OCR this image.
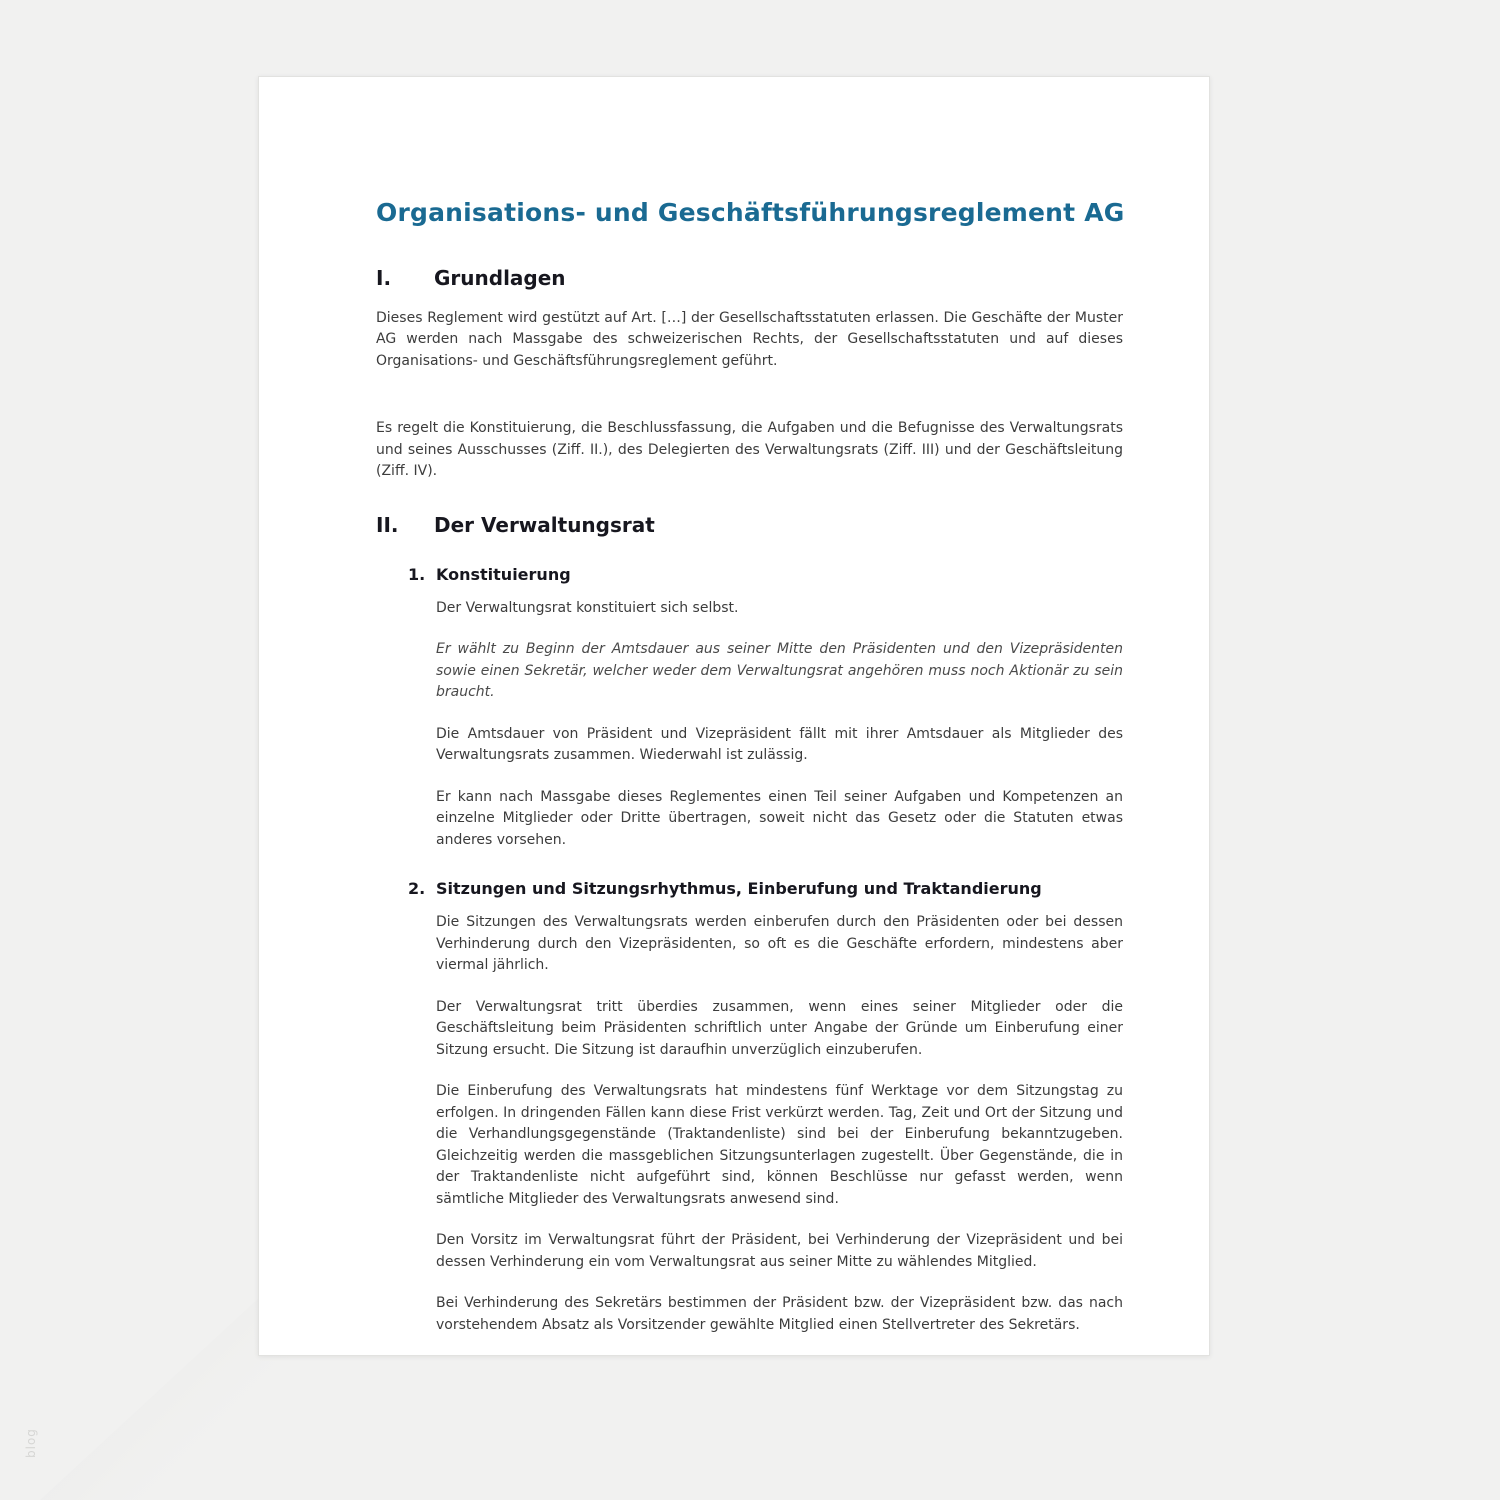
blog
Organisations- und Geschäftsführungsreglement AG
I.	Grundlagen

Dieses Reglement wird gestützt auf Art. […] der Gesellschaftsstatuten erlassen. Die Geschäfte der Muster AG werden nach Massgabe des schweizerischen Rechts, der Gesellschaftsstatuten und auf dieses Organisations- und Geschäftsführungsreglement geführt.

Es regelt die Konstituierung, die Beschlussfassung, die Aufgaben und die Befugnisse des Verwaltungsrats und seines Ausschusses (Ziff. II.), des Delegierten des Verwaltungsrats (Ziff. III) und der Geschäftsleitung (Ziff. IV).

II.	Der Verwaltungsrat
1. Konstituierung

Der Verwaltungsrat konstituiert sich selbst.

Er wählt zu Beginn der Amtsdauer aus seiner Mitte den Präsidenten und den Vizepräsidenten sowie einen Sekretär, welcher weder dem Verwaltungsrat angehören muss noch Aktionär zu sein braucht.

Die Amtsdauer von Präsident und Vizepräsident fällt mit ihrer Amtsdauer als Mitglieder des Verwaltungsrats zusammen. Wiederwahl ist zulässig.

Er kann nach Massgabe dieses Reglementes einen Teil seiner Aufgaben und Kompetenzen an einzelne Mitglieder oder Dritte übertragen, soweit nicht das Gesetz oder die Statuten etwas anderes vorsehen.

2. Sitzungen und Sitzungsrhythmus, Einberufung und Traktandierung

Die Sitzungen des Verwaltungsrats werden einberufen durch den Präsidenten oder bei dessen Verhinderung durch den Vizepräsidenten, so oft es die Geschäfte erfordern, mindestens aber viermal jährlich.

Der Verwaltungsrat tritt überdies zusammen, wenn eines seiner Mitglieder oder die Geschäftsleitung beim Präsidenten schriftlich unter Angabe der Gründe um Einberufung einer Sitzung ersucht. Die Sitzung ist daraufhin unverzüglich einzuberufen.

Die Einberufung des Verwaltungsrats hat mindestens fünf Werktage vor dem Sitzungstag zu erfolgen. In dringenden Fällen kann diese Frist verkürzt werden. Tag, Zeit und Ort der Sitzung und die Verhandlungsgegenstände (Traktandenliste) sind bei der Einberufung bekanntzugeben. Gleichzeitig werden die massgeblichen Sitzungsunterlagen zugestellt. Über Gegenstände, die in der Traktandenliste nicht aufgeführt sind, können Beschlüsse nur gefasst werden, wenn sämtliche Mitglieder des Verwaltungsrats anwesend sind.

Den Vorsitz im Verwaltungsrat führt der Präsident, bei Verhinderung der Vizepräsident und bei dessen Verhinderung ein vom Verwaltungsrat aus seiner Mitte zu wählendes Mitglied.

Bei Verhinderung des Sekretärs bestimmen der Präsident bzw. der Vizepräsident bzw. das nach vorstehendem Absatz als Vorsitzender gewählte Mitglied einen Stellvertreter des Sekretärs.
